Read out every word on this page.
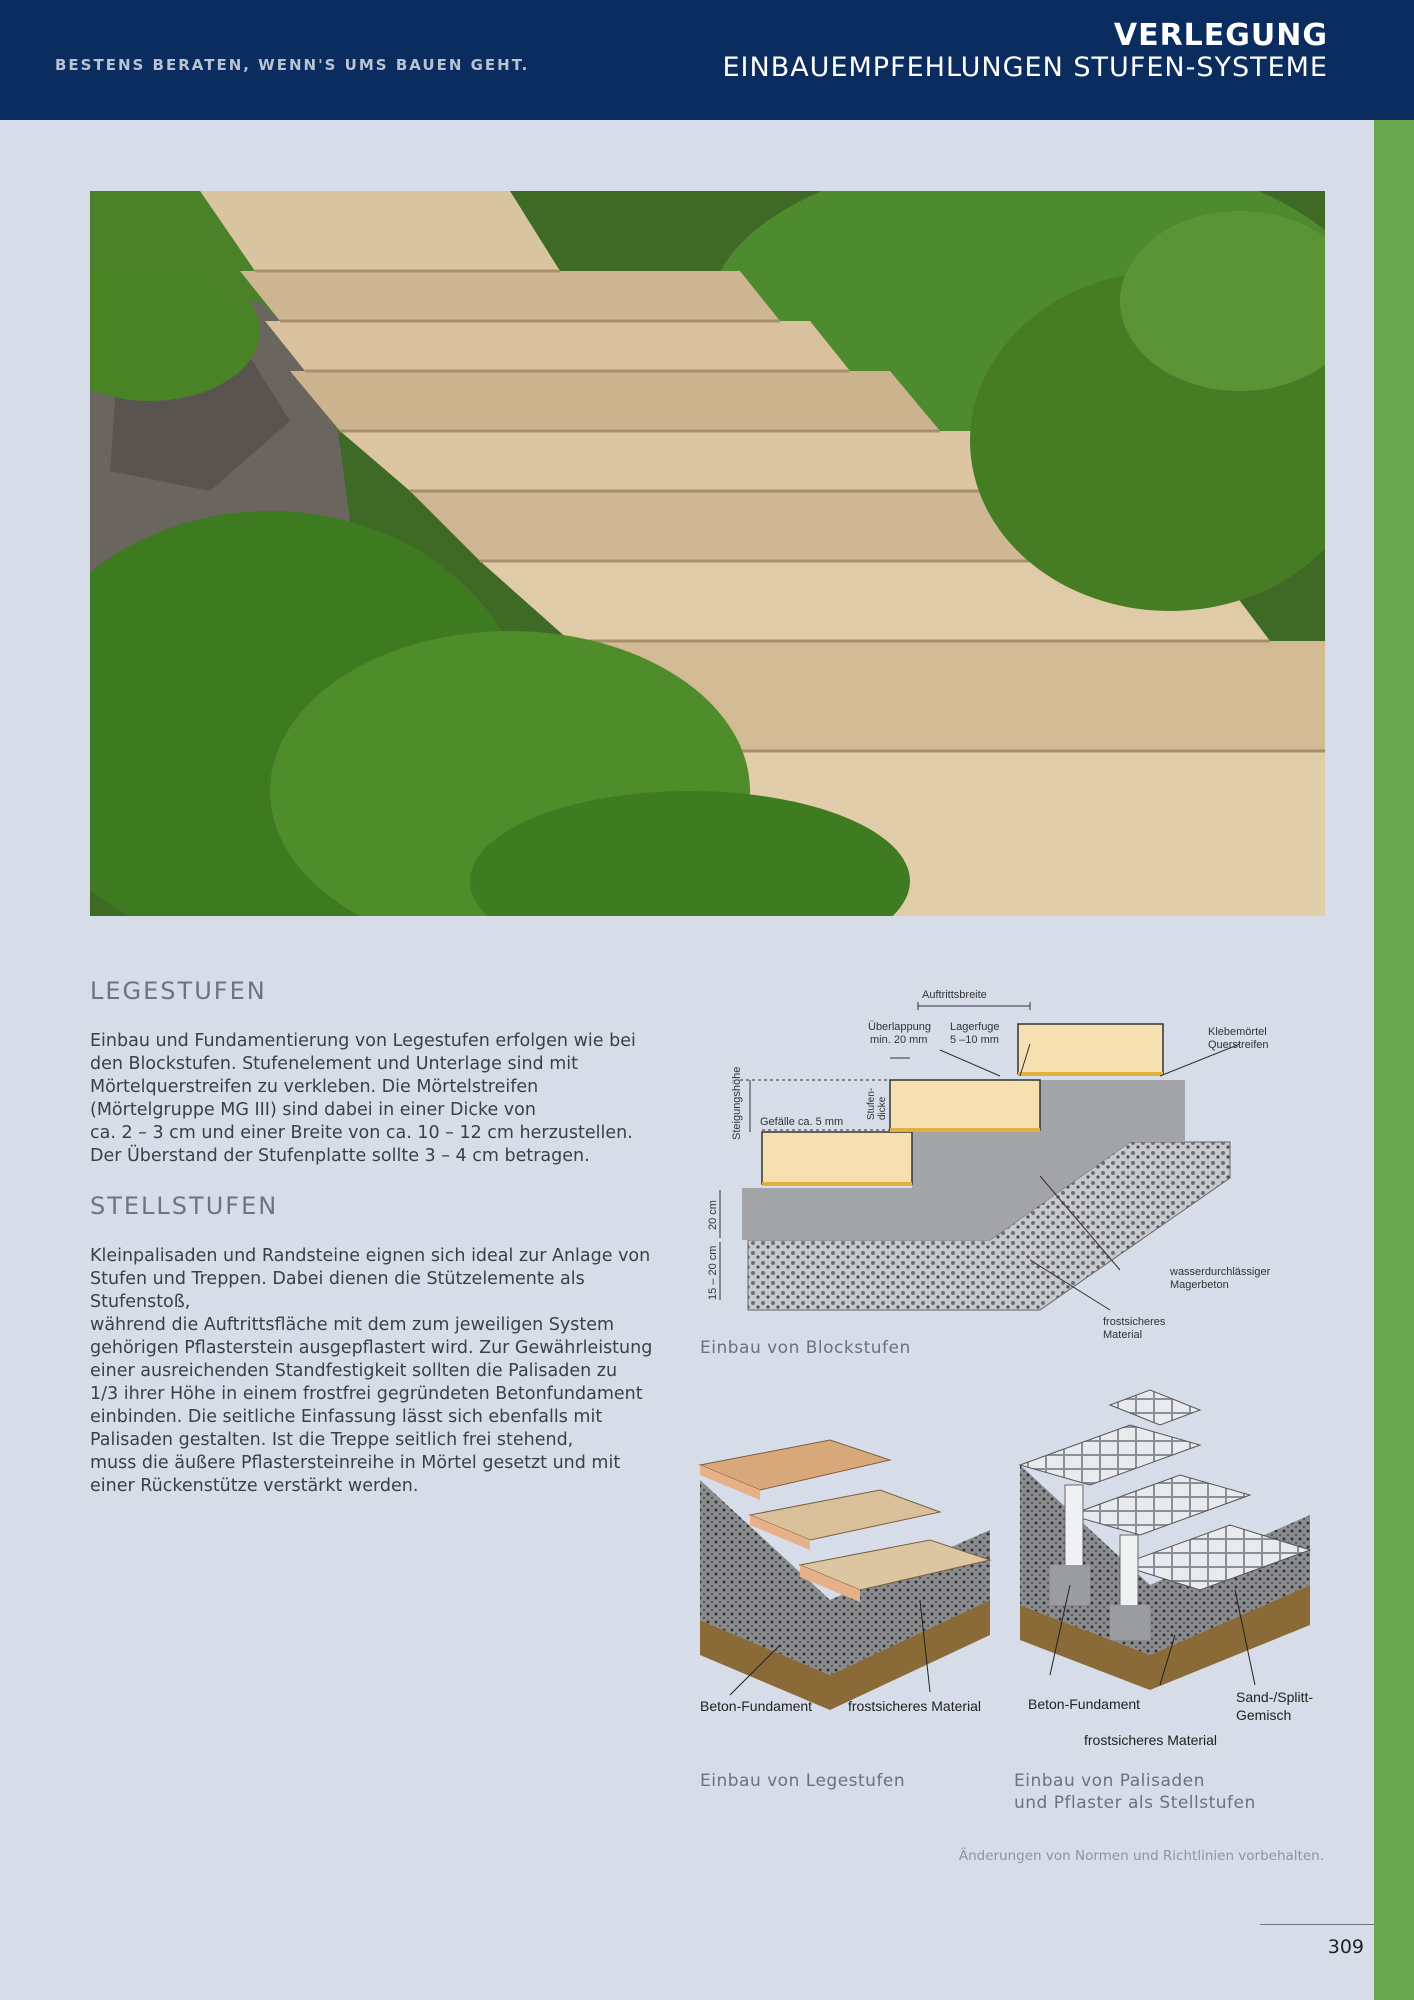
BESTENS BERATEN, WENN'S UMS BAUEN GEHT.
VERLEGUNG
EINBAUEMPFEHLUNGEN STUFEN-SYSTEME
LEGESTUFEN

Einbau und Fundamentierung von Legestufen erfolgen wie bei
den Blockstufen. Stufenelement und Unterlage sind mit
Mörtelquerstreifen zu verkleben. Die Mörtelstreifen
(Mörtelgruppe MG III) sind dabei in einer Dicke von
ca. 2 – 3 cm und einer Breite von ca. 10 – 12 cm herzustellen.
Der Überstand der Stufenplatte sollte 3 – 4 cm betragen.

STELLSTUFEN

Kleinpalisaden und Randsteine eignen sich ideal zur Anlage von
Stufen und Treppen. Dabei dienen die Stützelemente als Stufenstoß,
während die Auftrittsfläche mit dem zum jeweiligen System
gehörigen Pflasterstein ausgepflastert wird. Zur Gewährleistung
einer ausreichenden Standfestigkeit sollten die Palisaden zu
1/3 ihrer Höhe in einem frostfrei gegründeten Betonfundament
einbinden. Die seitliche Einfassung lässt sich ebenfalls mit
Palisaden gestalten. Ist die Treppe seitlich frei stehend,
muss die äußere Pflastersteinreihe in Mörtel gesetzt und mit
einer Rückenstütze verstärkt werden.

Auftrittsbreite
Überlappung
min. 20 mm
Lagerfuge
5 –10 mm
Klebemörtel
Querstreifen
Steigungshöhe	Stufen- dicke
Gefälle ca. 5 mm
20 cm
15 – 20 cm	wasserdurchlässiger
Magerbeton
frostsicheres
Material
Einbau von Blockstufen
Beton-Fundament	frostsicheres Material
Einbau von Legestufen
Beton-Fundament	Sand-/Splitt-
Gemisch
frostsicheres Material
Einbau von Palisaden
und Pflaster als Stellstufen
Änderungen von Normen und Richtlinien vorbehalten.
309
